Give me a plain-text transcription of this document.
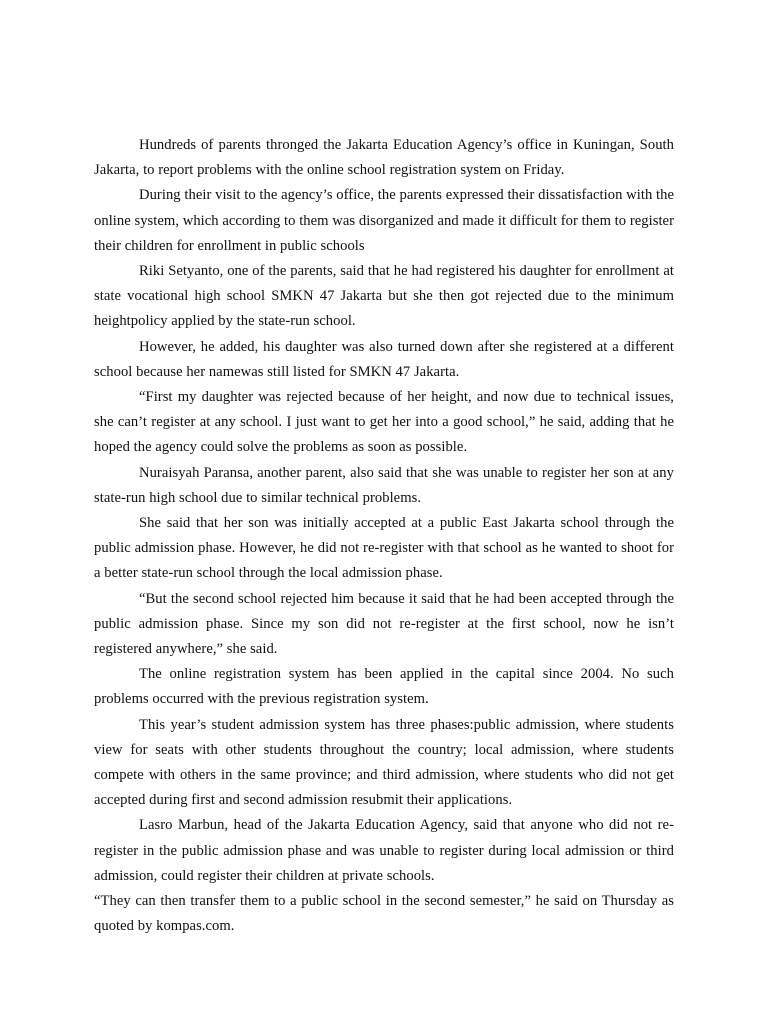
Hundreds of parents thronged the Jakarta Education Agency’s office in Kuningan, South Jakarta, to report problems with the online school registration system on Friday.

During their visit to the agency’s office, the parents expressed their dissatisfaction with the online system, which according to them was disorganized and made it difficult for them to register their children for enrollment in public schools

Riki Setyanto, one of the parents, said that he had registered his daughter for enrollment at state vocational high school SMKN 47 Jakarta but she then got rejected due to the minimum heightpolicy applied by the state-run school.

However, he added, his daughter was also turned down after she registered at a different school because her namewas still listed for SMKN 47 Jakarta.

“First my daughter was rejected because of her height, and now due to technical issues, she can’t register at any school. I just want to get her into a good school,” he said, adding that he hoped the agency could solve the problems as soon as possible.

Nuraisyah Paransa, another parent, also said that she was unable to register her son at any state-run high school due to similar technical problems.

She said that her son was initially accepted at a public East Jakarta school through the public admission phase. However, he did not re-register with that school as he wanted to shoot for a better state-run school through the local admission phase.

“But the second school rejected him because it said that he had been accepted through the public admission phase. Since my son did not re-register at the first school, now he isn’t registered anywhere,” she said.

The online registration system has been applied in the capital since 2004. No such problems occurred with the previous registration system.

This year’s student admission system has three phases:public admission, where students view for seats with other students throughout the country; local admission, where students compete with others in the same province; and third admission, where students who did not get accepted during first and second admission resubmit their applications.

Lasro Marbun, head of the Jakarta Education Agency, said that anyone who did not re-register in the public admission phase and was unable to register during local admission or third admission, could register their children at private schools.

“They can then transfer them to a public school in the second semester,” he said on Thursday as quoted by kompas.com.
